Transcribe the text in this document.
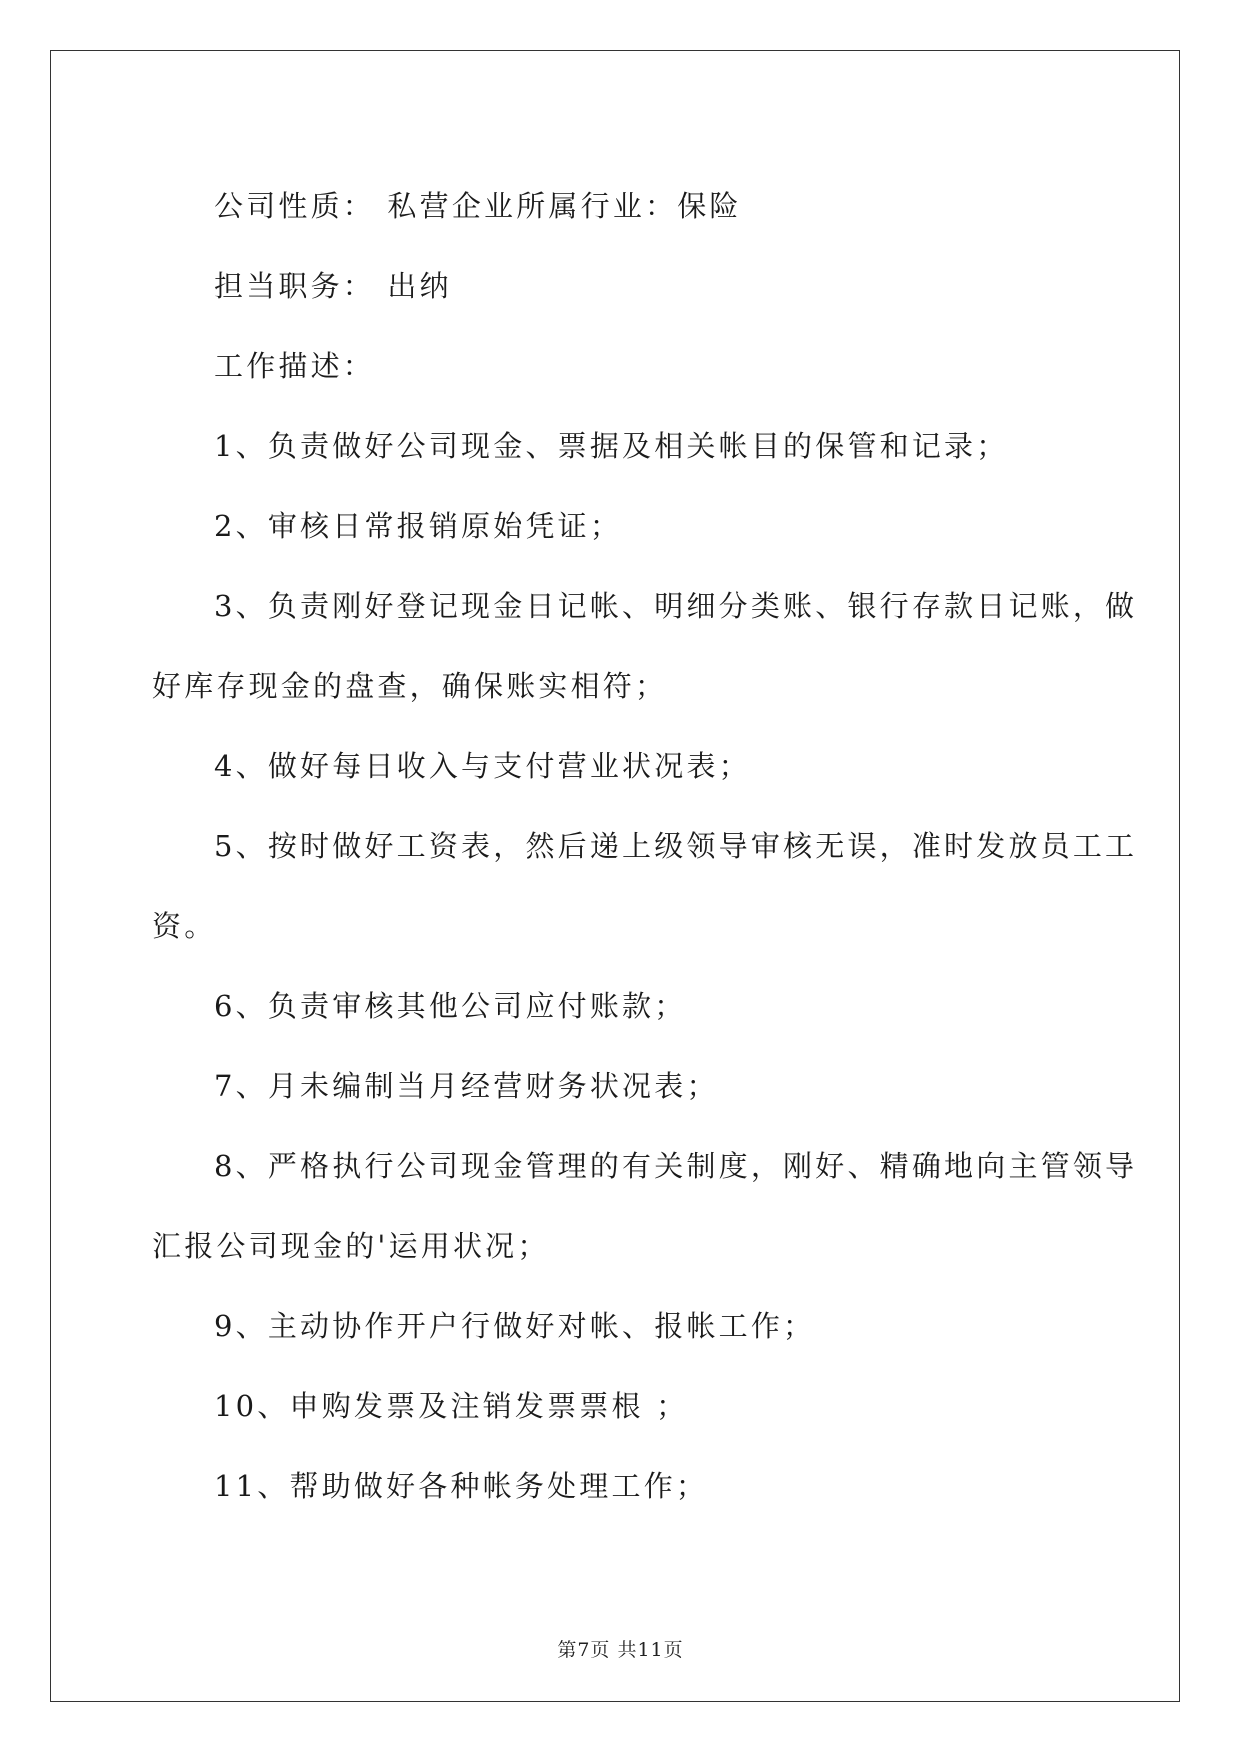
公司性质： 私营企业所属行业：保险

担当职务： 出纳

工作描述：

1、负责做好公司现金、票据及相关帐目的保管和记录；

2、审核日常报销原始凭证；

3、负责刚好登记现金日记帐、明细分类账、银行存款日记账，做
好库存现金的盘查，确保账实相符；

4、做好每日收入与支付营业状况表；

5、按时做好工资表，然后递上级领导审核无误，准时发放员工工
资。

6、负责审核其他公司应付账款；

7、月未编制当月经营财务状况表；

8、严格执行公司现金管理的有关制度，刚好、精确地向主管领导
汇报公司现金的'运用状况；

9、主动协作开户行做好对帐、报帐工作；

10、申购发票及注销发票票根 ；

11、帮助做好各种帐务处理工作；

第7页 共11页
